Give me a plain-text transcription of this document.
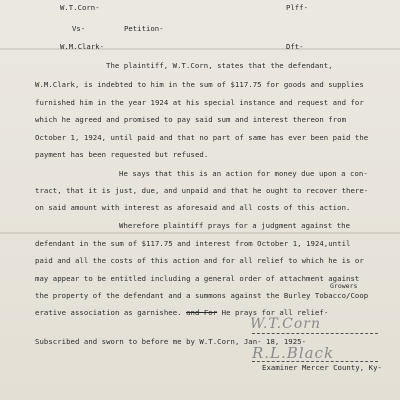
W.T.Corn-	Plff-
Vs-	Petition-
W.M.Clark-	Dft-
The plaintiff, W.T.Corn, states that the defendant,
W.M.Clark, is indebted to him in the sum of $117.75 for goods and supplies
furnished him in the year 1924 at his special instance and request and for
which he agreed and promised to pay said sum and interest thereon from
October 1, 1924, until paid and that no part of same has ever been paid the
payment has been requested but refused.
He says that this is an action for money due upon a con-
tract, that it is just, due, and unpaid and that he ought to recover there-
on said amount with interest as aforesaid and all costs of this action.
Wherefore plaintiff prays for a judgment against the
defendant in the sum of $117.75 and interest from October 1, 1924,until
paid and all the costs of this action and for all relief to which he is or
may appear to be entitled including a general order of attachment against
Growers
the property of the defendant and a summons against the Burley Tobacco/Coop
erative association as garnishee. and For He prays for all relief-
W.T.Corn
Subscribed and sworn to before me by W.T.Corn, Jan- 18, 1925-
R.L.Black
Examiner Mercer County, Ky-
